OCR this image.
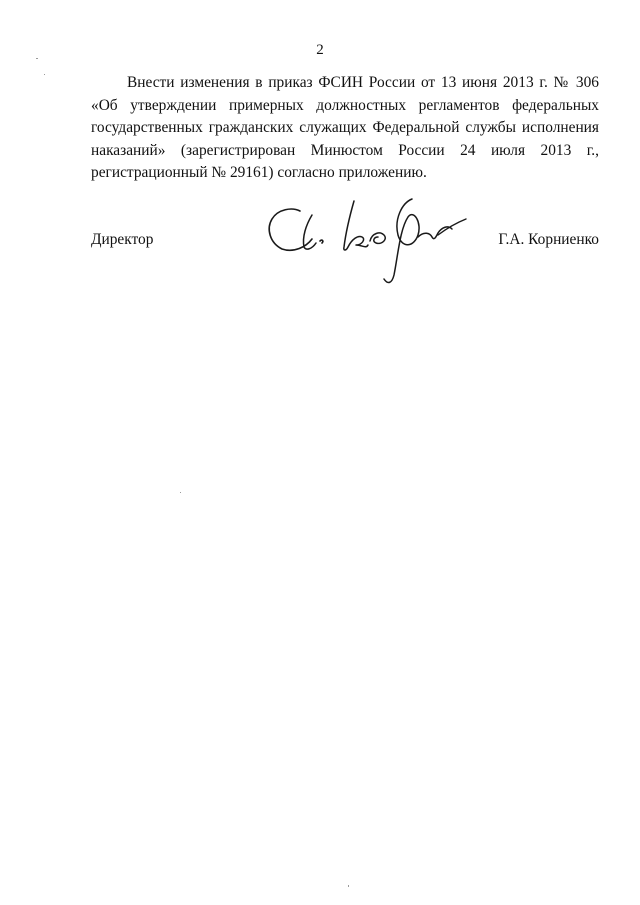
2

Внести изменения в приказ ФСИН России от 13 июня 2013 г. № 306
«Об утверждении примерных должностных регламентов федеральных
государственных гражданских служащих Федеральной службы исполнения
наказаний» (зарегистрирован Минюстом России 24 июля 2013 г.,
регистрационный № 29161) согласно приложению.

Директор	Г.А. Корниенко
